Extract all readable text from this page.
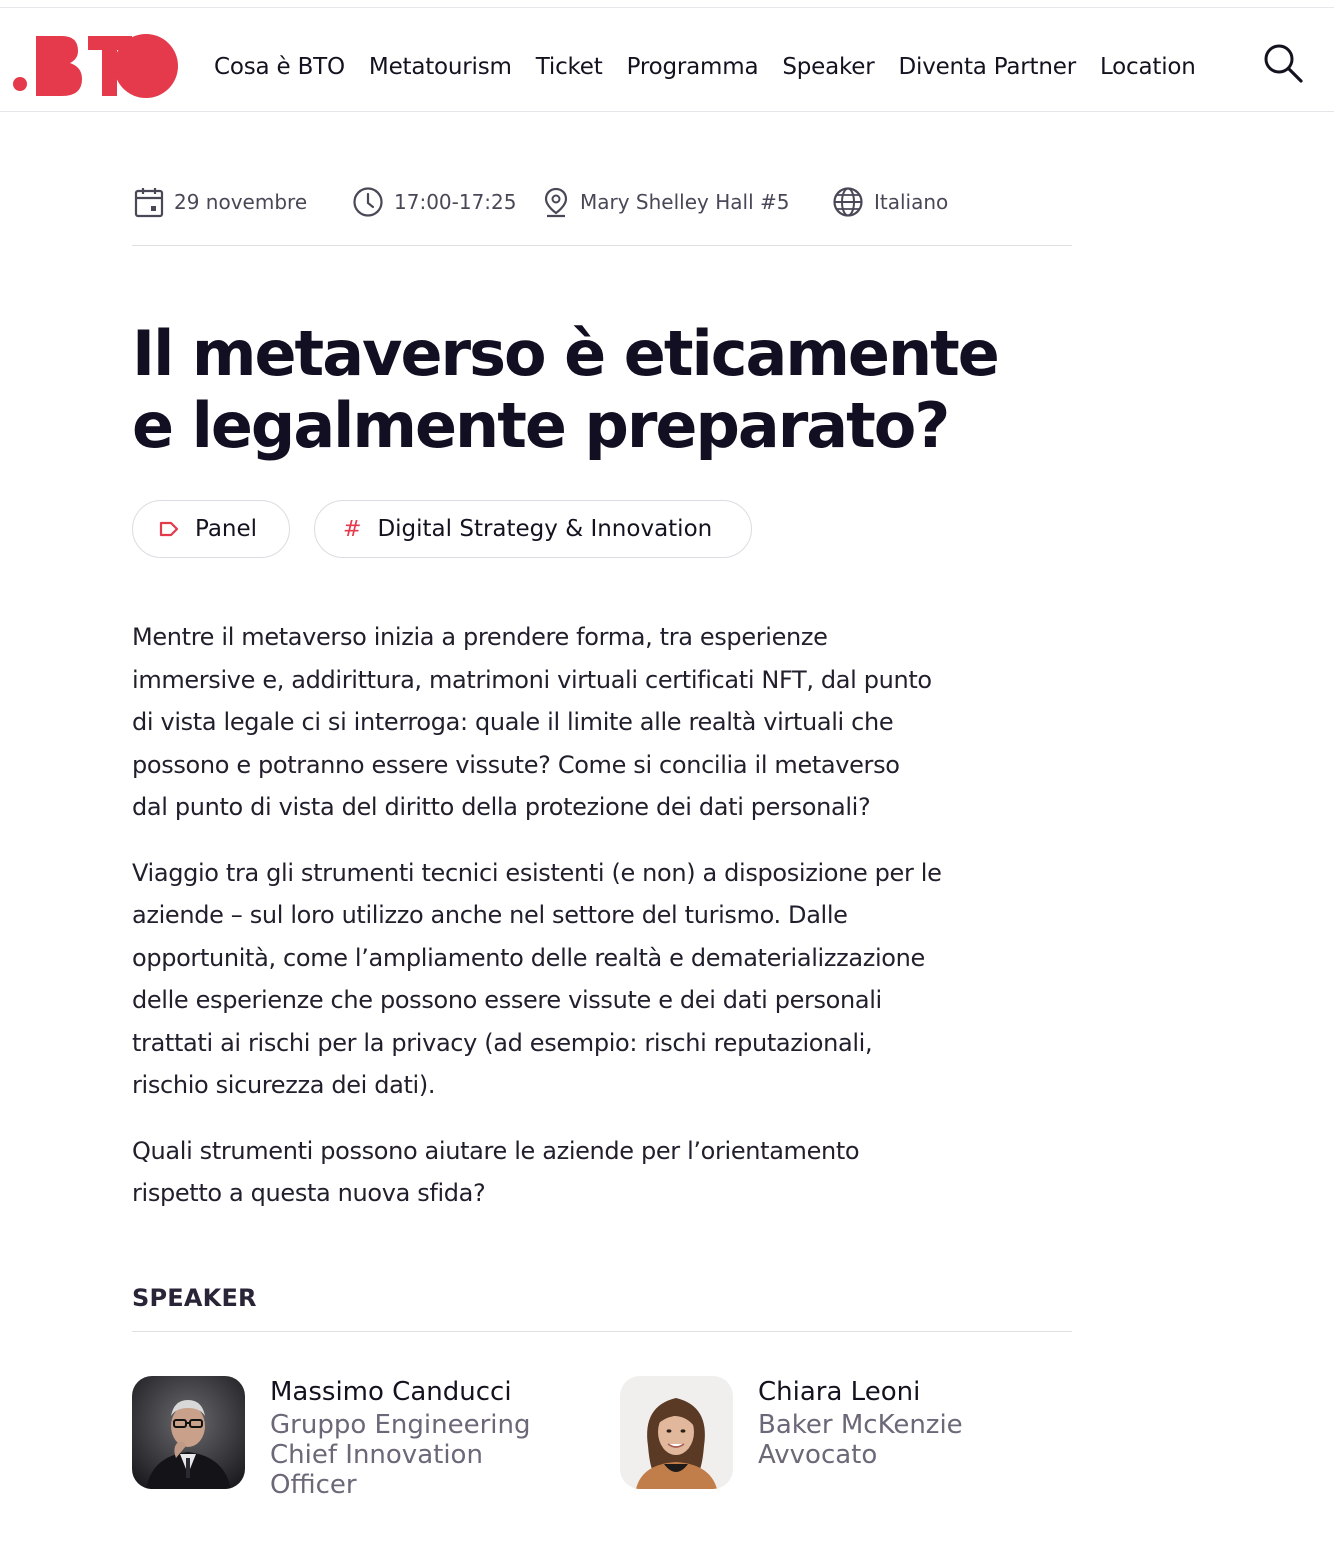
Cosa è BTO Metatourism Ticket Programma Speaker Diventa Partner Location
29 novembre	17:00-17:25	Mary Shelley Hall #5	Italiano
Il metaverso è eticamente
e legalmente preparato?
Panel	# Digital Strategy & Innovation

Mentre il metaverso inizia a prendere forma, tra esperienze
immersive e, addirittura, matrimoni virtuali certificati NFT, dal punto
di vista legale ci si interroga: quale il limite alle realtà virtuali che
possono e potranno essere vissute? Come si concilia il metaverso
dal punto di vista del diritto della protezione dei dati personali?

Viaggio tra gli strumenti tecnici esistenti (e non) a disposizione per le
aziende – sul loro utilizzo anche nel settore del turismo. Dalle
opportunità, come l’ampliamento delle realtà e dematerializzazione
delle esperienze che possono essere vissute e dei dati personali
trattati ai rischi per la privacy (ad esempio: rischi reputazionali,
rischio sicurezza dei dati).

Quali strumenti possono aiutare le aziende per l’orientamento
rispetto a questa nuova sfida?

SPEAKER
Massimo Canducci
Gruppo Engineering
Chief Innovation
Officer
Chiara Leoni
Baker McKenzie
Avvocato
